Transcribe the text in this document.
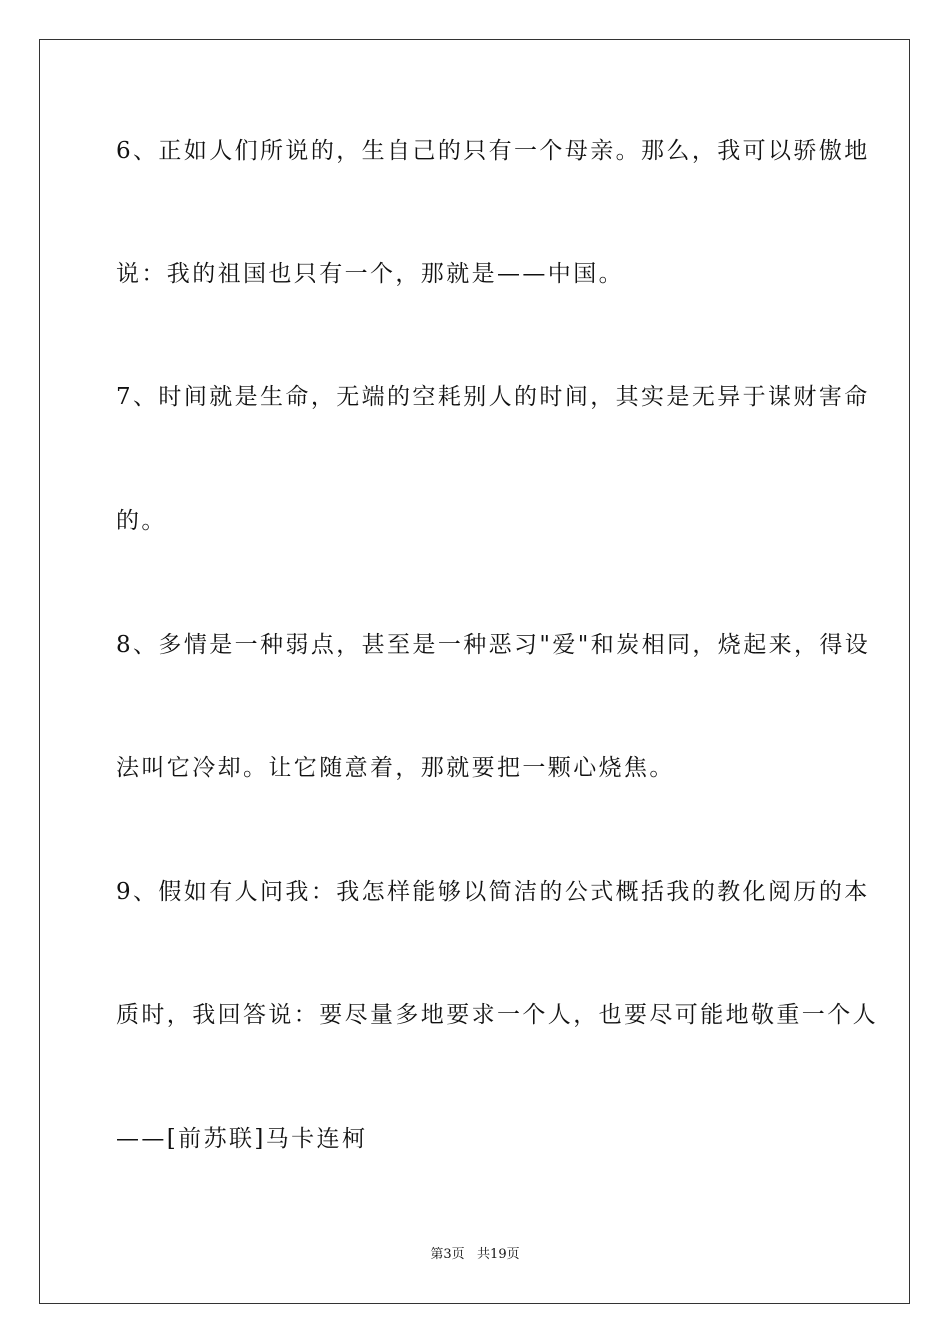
6、正如人们所说的，生自己的只有一个母亲。那么，我可以骄傲地
说：我的祖国也只有一个，那就是——中国。
7、时间就是生命，无端的空耗别人的时间，其实是无异于谋财害命
的。
8、多情是一种弱点，甚至是一种恶习"爱"和炭相同，烧起来，得设
法叫它冷却。让它随意着，那就要把一颗心烧焦。
9、假如有人问我：我怎样能够以简洁的公式概括我的教化阅历的本
质时，我回答说：要尽量多地要求一个人，也要尽可能地敬重一个人
——[前苏联]马卡连柯
第3页   共19页
